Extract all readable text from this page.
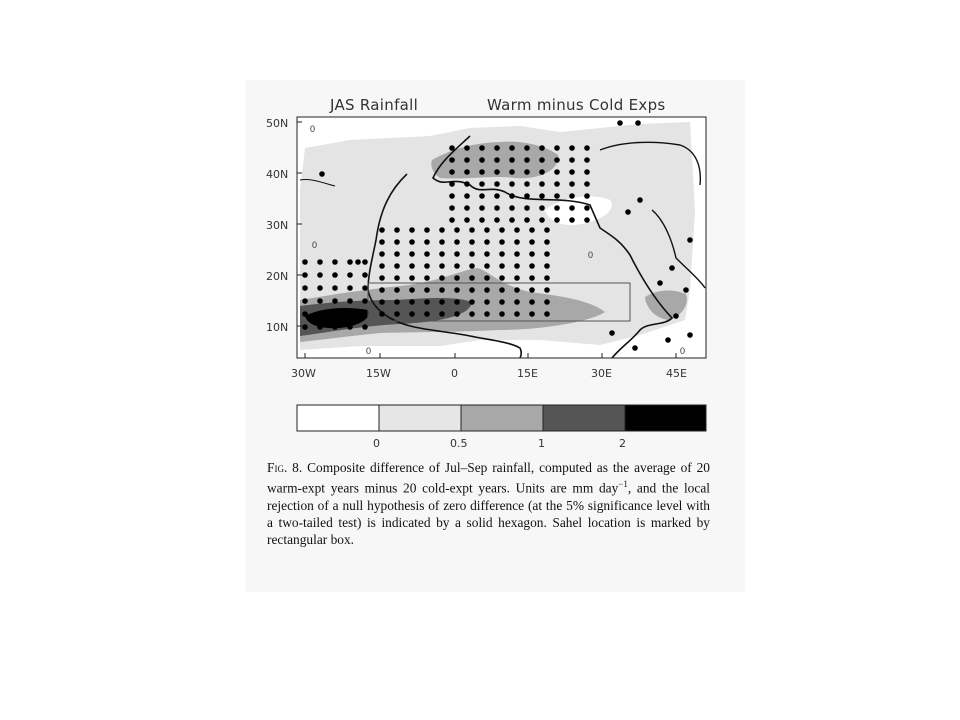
JAS Rainfall	Warm minus Cold Exps
50N
40N
30N
20N
10N
30W	15W	0	15E	30E	45E
0
0
0
0	0
0	0.5	1	2
Fig. 8. Composite difference of Jul–Sep rainfall, computed as the average of 20 warm-expt years minus 20 cold-expt years. Units are mm day$^{-1}$, and the local rejection of a null hypothesis of zero difference (at the 5% significance level with a two-tailed test) is indicated by a solid hexagon. Sahel location is marked by rectangular box.
